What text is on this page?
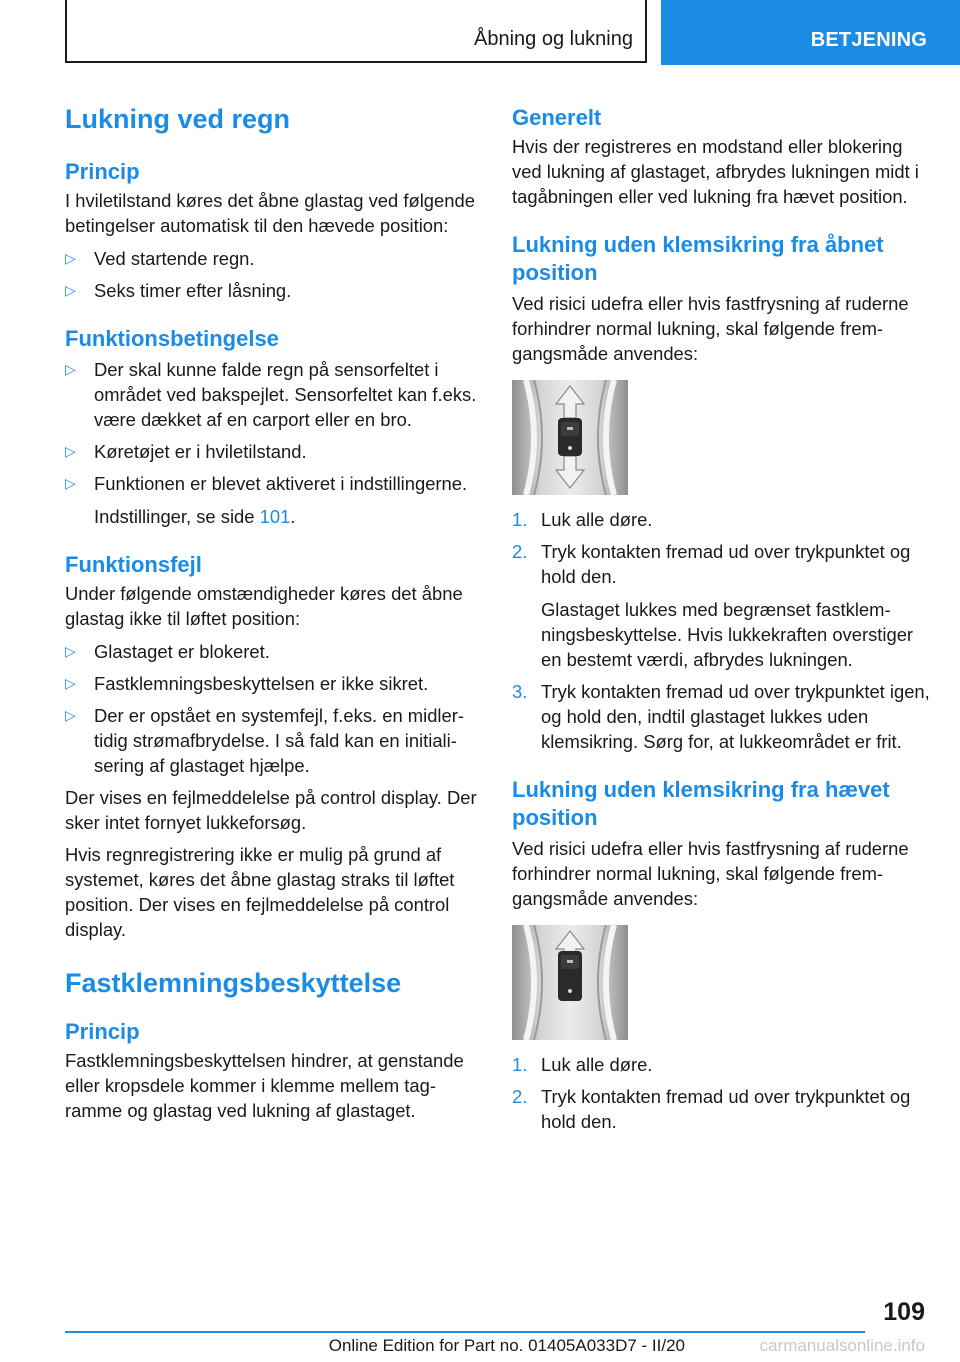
Åbning og lukning	BETJENING
Lukning ved regn
Princip

I hviletilstand køres det åbne glastag ved følgende betingelser automatisk til den hævede position:

▷ Ved startende regn.
▷ Seks timer efter låsning.
Funktionsbetingelse
▷ Der skal kunne falde regn på sensorfeltet i området ved bakspejlet. Sensorfeltet kan f.eks. være dækket af en carport eller en bro.
▷ Køretøjet er i hviletilstand.
▷ Funktionen er blevet aktiveret i indstillingerne.
Indstillinger, se side 101.
Funktionsfejl

Under følgende omstændigheder køres det åbne glastag ikke til løftet position:

▷ Glastaget er blokeret.
▷ Fastklemningsbeskyttelsen er ikke sikret.
▷ Der er opstået en systemfejl, f.eks. en midlertidig strømafbrydelse. I så fald kan en initialisering af glastaget hjælpe.

Der vises en fejlmeddelelse på control display. Der sker intet fornyet lukkeforsøg.

Hvis regnregistrering ikke er mulig på grund af systemet, køres det åbne glastag straks til løftet position. Der vises en fejlmeddelelse på control display.

Fastklemningsbeskyttelse
Princip

Fastklemningsbeskyttelsen hindrer, at genstande eller kropsdele kommer i klemme mellem tagramme og glastag ved lukning af glastaget.

Generelt

Hvis der registreres en modstand eller blokering ved lukning af glastaget, afbrydes lukningen midt i tagåbningen eller ved lukning fra hævet position.

Lukning uden klemsikring fra åbnet position

Ved risici udefra eller hvis fastfrysning af ruderne forhindrer normal lukning, skal følgende fremgangsmåde anvendes:

1. Luk alle døre.
2. Tryk kontakten fremad ud over trykpunktet og hold den.
Glastaget lukkes med begrænset fastklemningsbeskyttelse. Hvis lukkekraften overstiger en bestemt værdi, afbrydes lukningen.
3. Tryk kontakten fremad ud over trykpunktet igen, og hold den, indtil glastaget lukkes uden klemsikring. Sørg for, at lukkeområdet er frit.
Lukning uden klemsikring fra hævet position

Ved risici udefra eller hvis fastfrysning af ruderne forhindrer normal lukning, skal følgende fremgangsmåde anvendes:

1. Luk alle døre.
2. Tryk kontakten fremad ud over trykpunktet og hold den.
109
carmanualsonline.info
Online Edition for Part no. 01405A033D7 - II/20
